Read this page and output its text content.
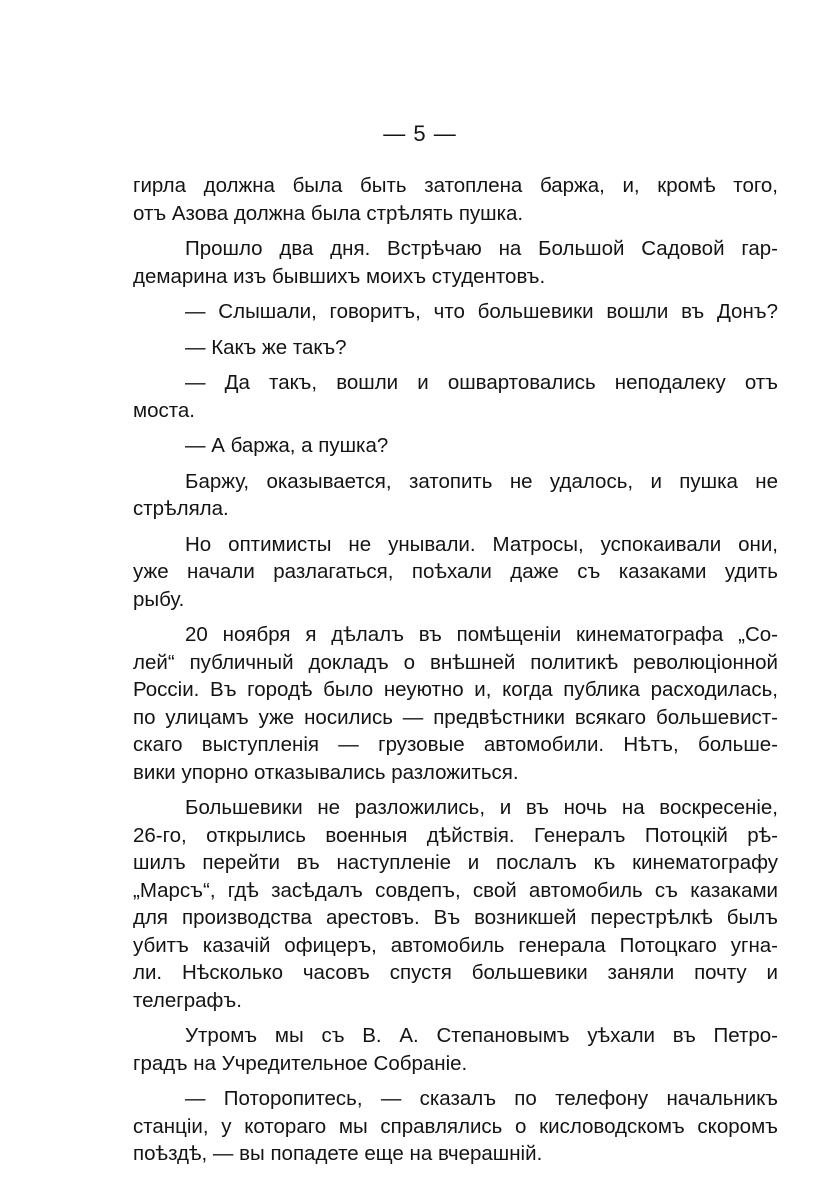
— 5 —
гирла должна была быть затоплена баржа, и, кромѣ того,
отъ Азова должна была стрѣлять пушка.
Прошло два дня. Встрѣчаю на Большой Садовой гар-
демарина изъ бывшихъ моихъ студентовъ.
— Слышали, говоритъ, что большевики вошли въ Донъ?
— Какъ же такъ?
— Да такъ, вошли и ошвартовались неподалеку отъ
моста.
— А баржа, а пушка?
Баржу, оказывается, затопить не удалось, и пушка не
стрѣляла.
Но оптимисты не унывали. Матросы, успокаивали они,
уже начали разлагаться, поѣхали даже съ казаками удить
рыбу.
20 ноября я дѣлалъ въ помѣщеніи кинематографа „Со-
лей“ публичный докладъ о внѣшней политикѣ революціонной
Россіи. Въ городѣ было неуютно и, когда публика расходилась,
по улицамъ уже носились — предвѣстники всякаго большевист-
скаго выступленія — грузовые автомобили. Нѣтъ, больше-
вики упорно отказывались разложиться.
Большевики не разложились, и въ ночь на воскресеніе,
26-го, открылись военныя дѣйствія. Генералъ Потоцкій рѣ-
шилъ перейти въ наступленіе и послалъ къ кинематографу
„Марсъ“, гдѣ засѣдалъ совдепъ, свой автомобиль съ казаками
для производства арестовъ. Въ возникшей перестрѣлкѣ былъ
убитъ казачій офицеръ, автомобиль генерала Потоцкаго угна-
ли. Нѣсколько часовъ спустя большевики заняли почту и
телеграфъ.
Утромъ мы съ В. А. Степановымъ уѣхали въ Петро-
градъ на Учредительное Собраніе.
— Поторопитесь, — сказалъ по телефону начальникъ
станціи, у котораго мы справлялись о кисловодскомъ скоромъ
поѣздѣ, — вы попадете еще на вчерашній.
